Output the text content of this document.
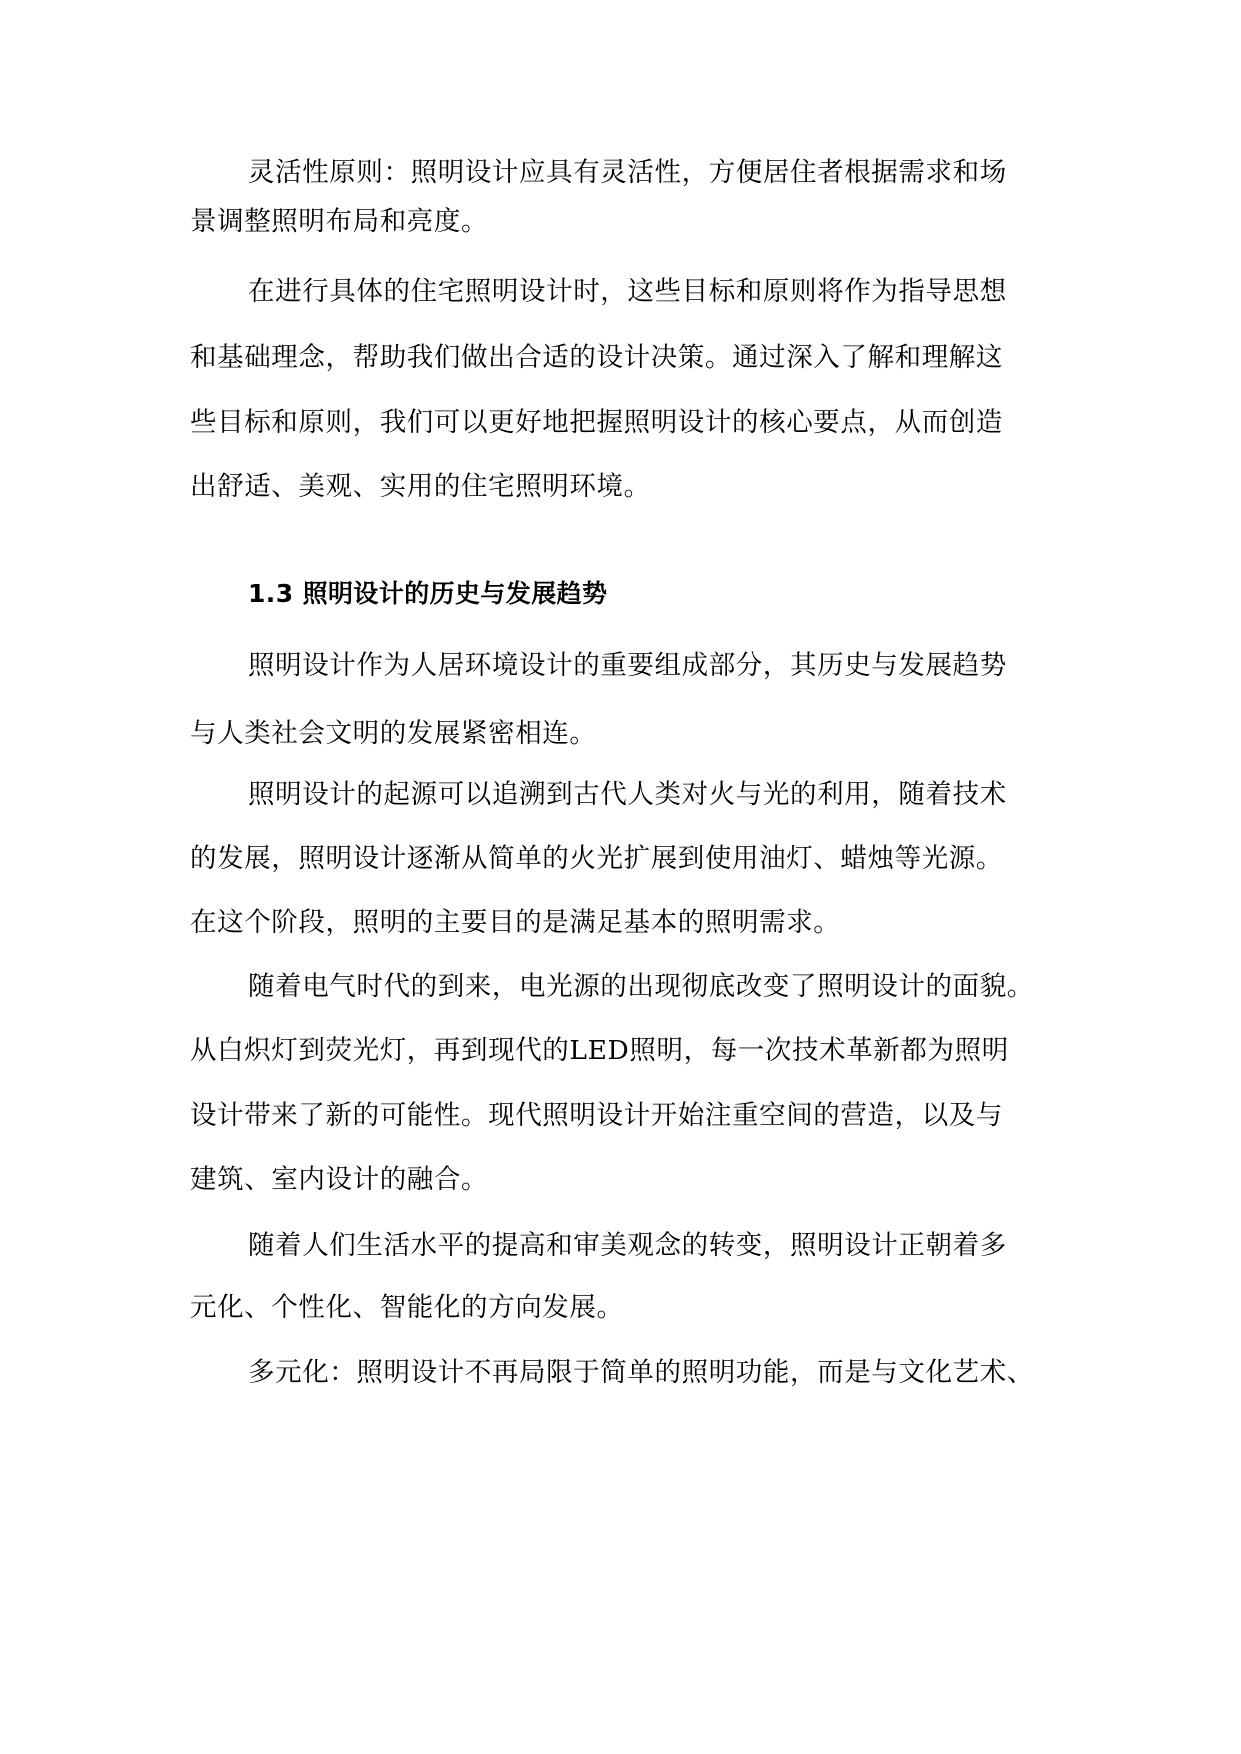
灵活性原则：照明设计应具有灵活性，方便居住者根据需求和场
景调整照明布局和亮度。
在进行具体的住宅照明设计时，这些目标和原则将作为指导思想
和基础理念，帮助我们做出合适的设计决策。通过深入了解和理解这
些目标和原则，我们可以更好地把握照明设计的核心要点，从而创造
出舒适、美观、实用的住宅照明环境。
1.3 照明设计的历史与发展趋势
照明设计作为人居环境设计的重要组成部分，其历史与发展趋势
与人类社会文明的发展紧密相连。
照明设计的起源可以追溯到古代人类对火与光的利用，随着技术
的发展，照明设计逐渐从简单的火光扩展到使用油灯、蜡烛等光源。
在这个阶段，照明的主要目的是满足基本的照明需求。
随着电气时代的到来，电光源的出现彻底改变了照明设计的面貌。
从白炽灯到荧光灯，再到现代的LED照明，每一次技术革新都为照明
设计带来了新的可能性。现代照明设计开始注重空间的营造，以及与
建筑、室内设计的融合。
随着人们生活水平的提高和审美观念的转变，照明设计正朝着多
元化、个性化、智能化的方向发展。
多元化：照明设计不再局限于简单的照明功能，而是与文化艺术、
